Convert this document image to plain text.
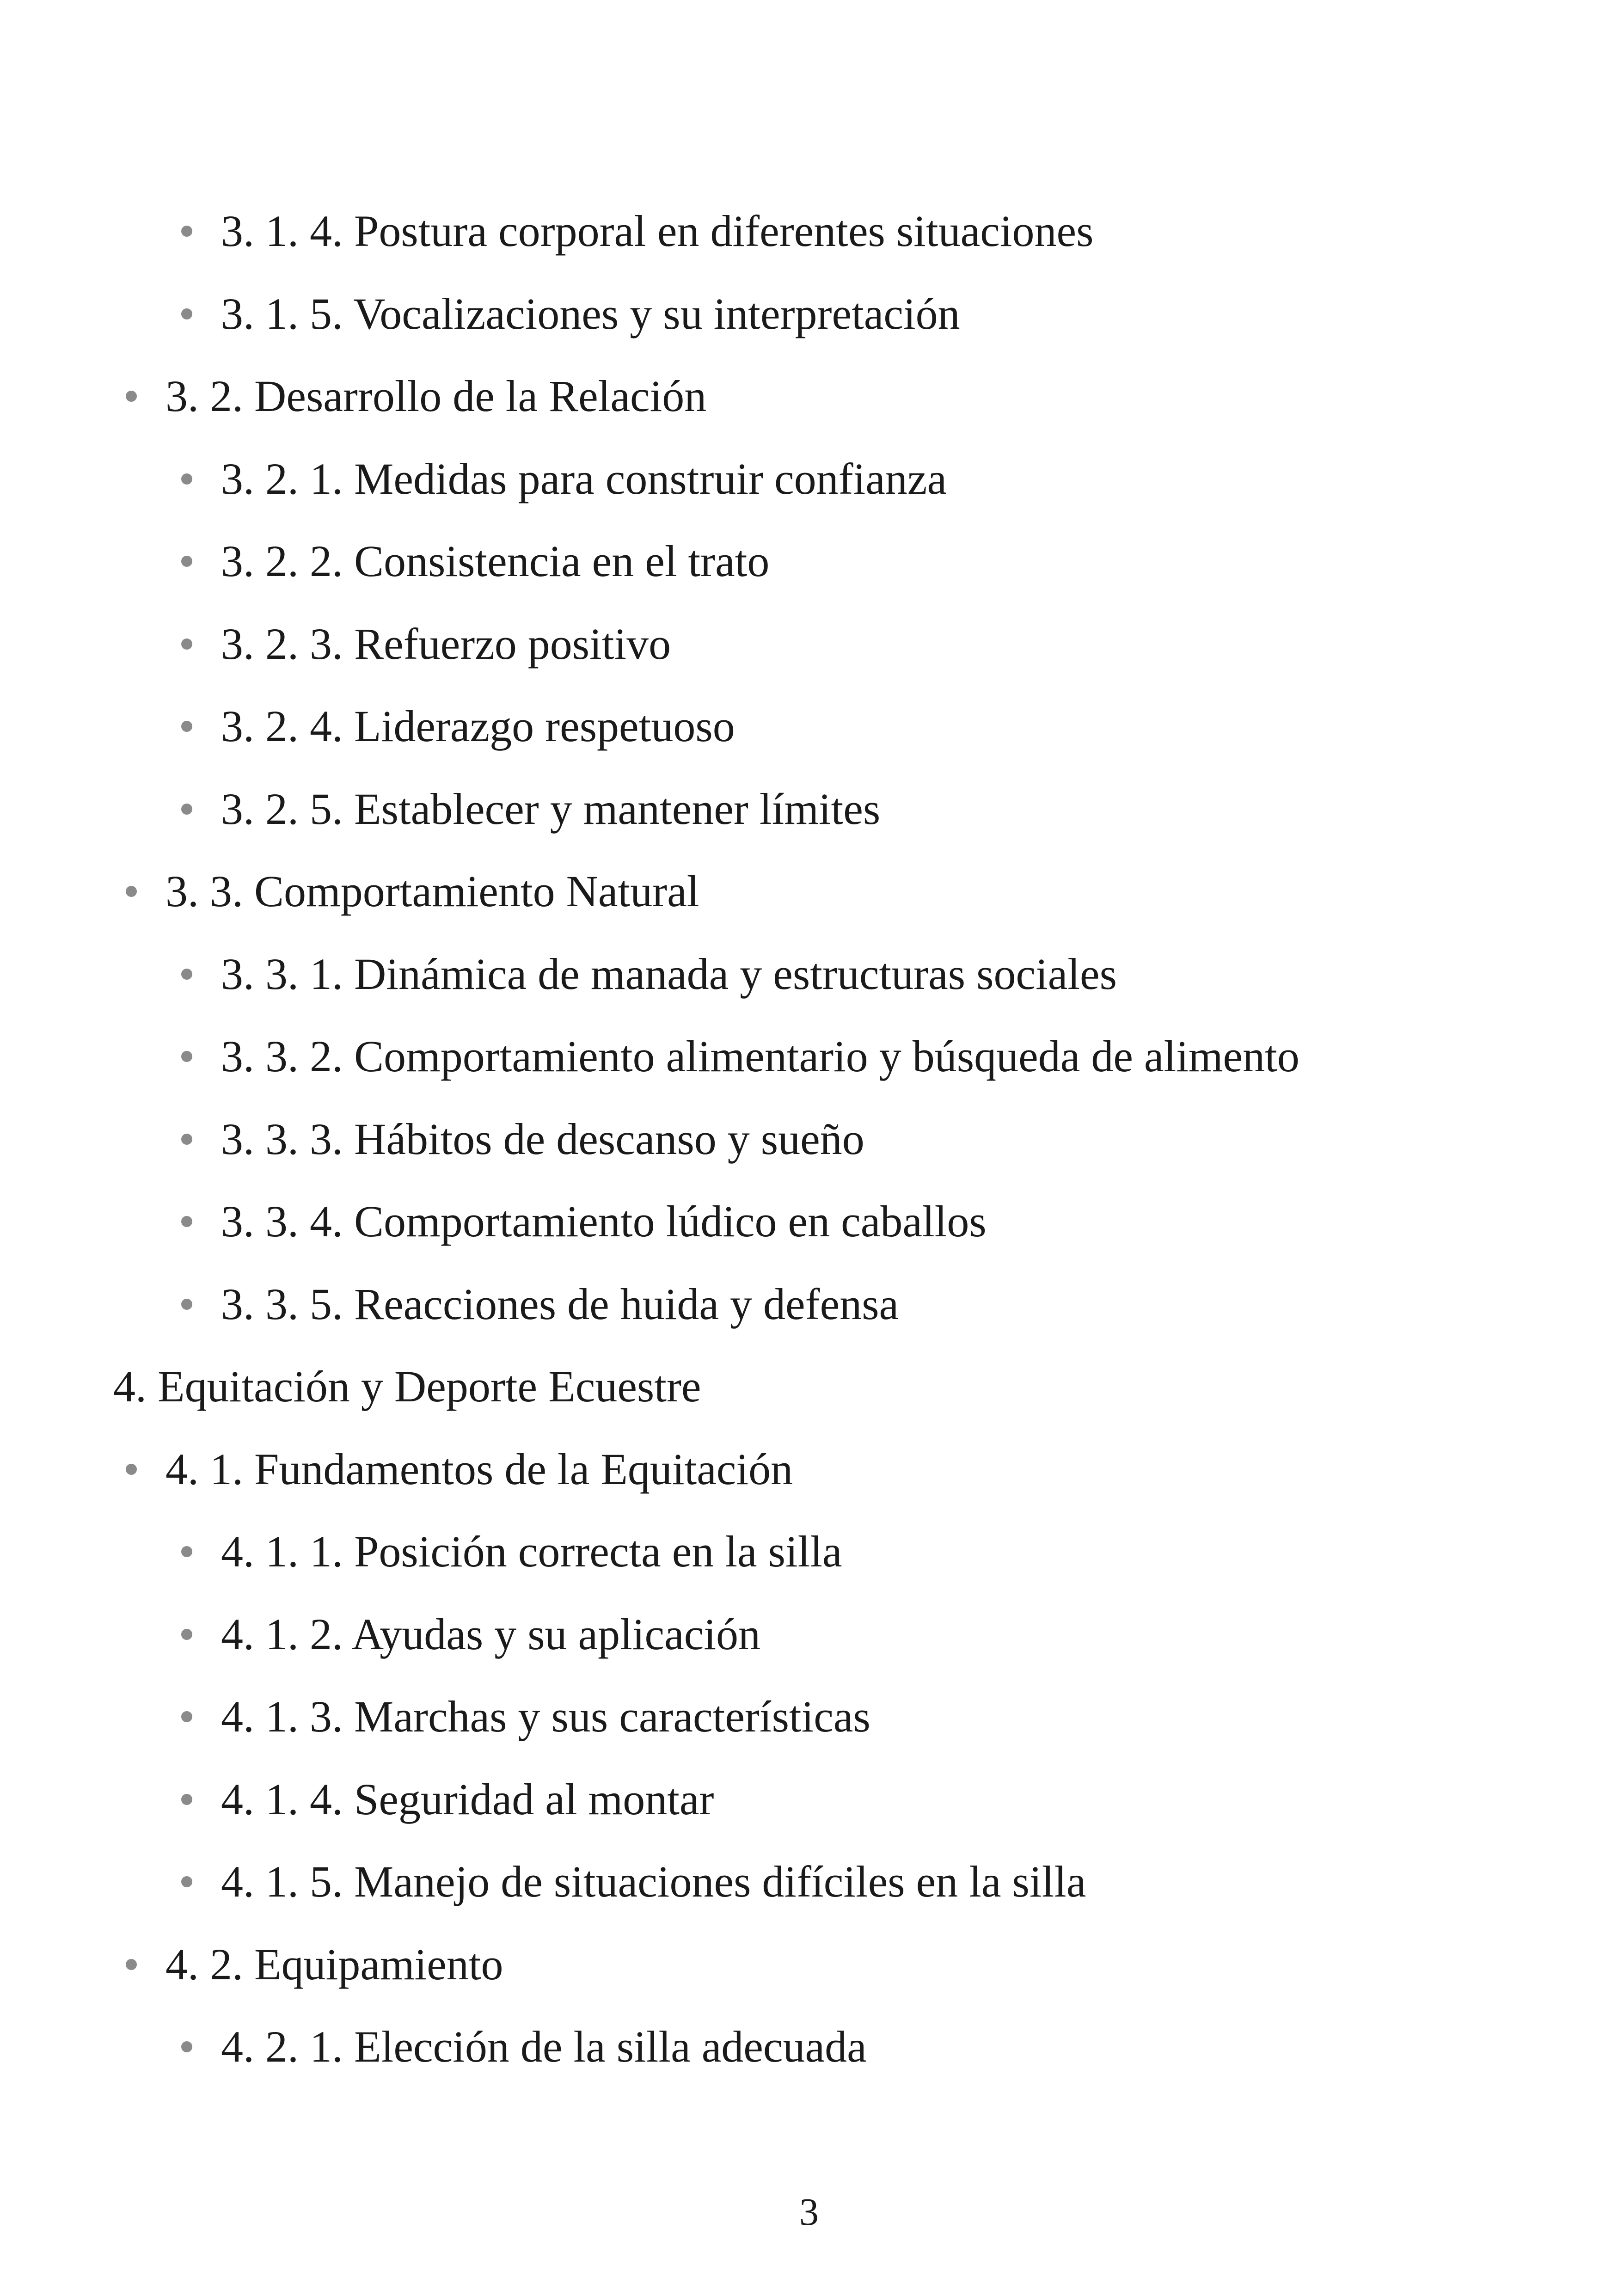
3. 1. 4. Postura corporal en diferentes situaciones
3. 1. 5. Vocalizaciones y su interpretación
3. 2. Desarrollo de la Relación
3. 2. 1. Medidas para construir confianza
3. 2. 2. Consistencia en el trato
3. 2. 3. Refuerzo positivo
3. 2. 4. Liderazgo respetuoso
3. 2. 5. Establecer y mantener límites
3. 3. Comportamiento Natural
3. 3. 1. Dinámica de manada y estructuras sociales
3. 3. 2. Comportamiento alimentario y búsqueda de alimento
3. 3. 3. Hábitos de descanso y sueño
3. 3. 4. Comportamiento lúdico en caballos
3. 3. 5. Reacciones de huida y defensa
4. Equitación y Deporte Ecuestre
4. 1. Fundamentos de la Equitación
4. 1. 1. Posición correcta en la silla
4. 1. 2. Ayudas y su aplicación
4. 1. 3. Marchas y sus características
4. 1. 4. Seguridad al montar
4. 1. 5. Manejo de situaciones difíciles en la silla
4. 2. Equipamiento
4. 2. 1. Elección de la silla adecuada
3
